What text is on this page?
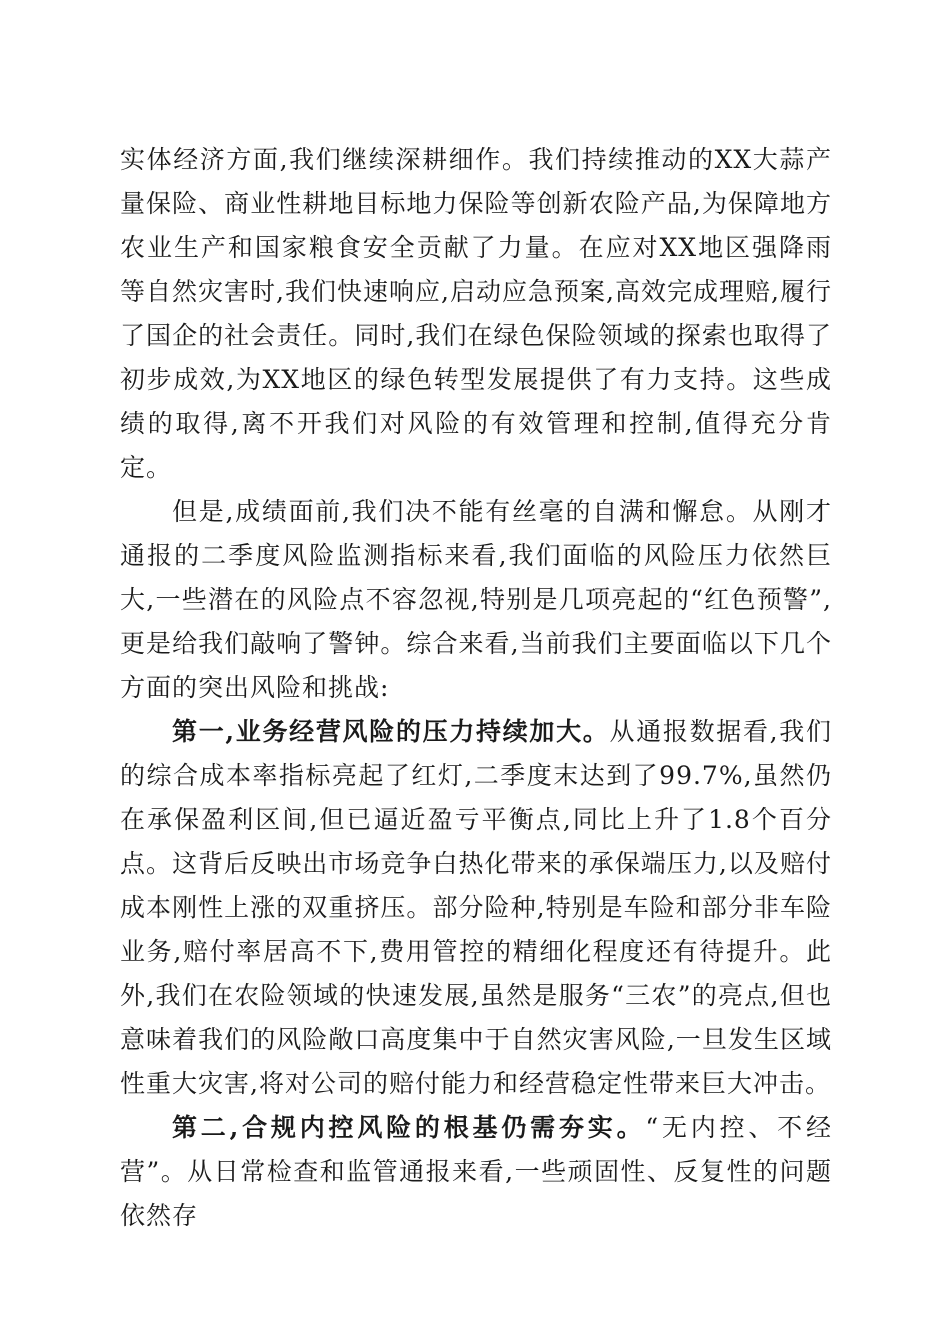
实体经济方面,我们继续深耕细作。我们持续推动的XX大蒜产量保险、商业性耕地目标地力保险等创新农险产品,为保障地方农业生产和国家粮食安全贡献了力量。在应对XX地区强降雨等自然灾害时,我们快速响应,启动应急预案,高效完成理赔,履行了国企的社会责任。同时,我们在绿色保险领域的探索也取得了初步成效,为XX地区的绿色转型发展提供了有力支持。这些成绩的取得,离不开我们对风险的有效管理和控制,值得充分肯定。

但是,成绩面前,我们决不能有丝毫的自满和懈怠。从刚才通报的二季度风险监测指标来看,我们面临的风险压力依然巨大,一些潜在的风险点不容忽视,特别是几项亮起的“红色预警”,更是给我们敲响了警钟。综合来看,当前我们主要面临以下几个方面的突出风险和挑战:

第一,业务经营风险的压力持续加大。从通报数据看,我们的综合成本率指标亮起了红灯,二季度末达到了99.7%,虽然仍在承保盈利区间,但已逼近盈亏平衡点,同比上升了1.8个百分点。这背后反映出市场竞争白热化带来的承保端压力,以及赔付成本刚性上涨的双重挤压。部分险种,特别是车险和部分非车险业务,赔付率居高不下,费用管控的精细化程度还有待提升。此外,我们在农险领域的快速发展,虽然是服务“三农”的亮点,但也意味着我们的风险敞口高度集中于自然灾害风险,一旦发生区域性重大灾害,将对公司的赔付能力和经营稳定性带来巨大冲击。

第二,合规内控风险的根基仍需夯实。“无内控、不经营”。从日常检查和监管通报来看,一些顽固性、反复性的问题依然存
